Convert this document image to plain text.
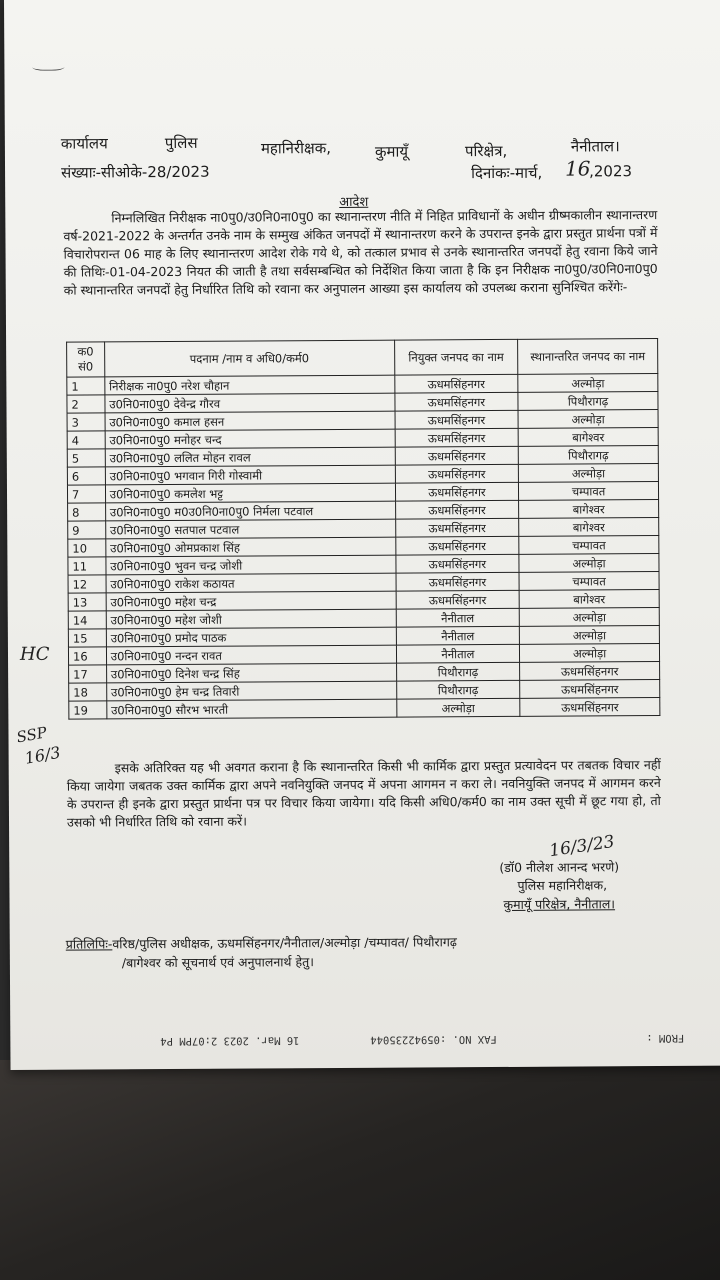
कार्यालय	पुलिस	महानिरीक्षक,	कुमायूँ	परिक्षेत्र,	नैनीताल।
संख्याः-सीओके-28/2023	दिनांकः-मार्च, 16
,2023
आदेश
निम्नलिखित निरीक्षक ना0पु0/उ0नि0ना0पु0 का स्थानान्तरण नीति में निहित प्राविधानों के अधीन ग्रीष्मकालीन स्थानान्तरण वर्ष-2021-2022 के अन्तर्गत उनके नाम के सम्मुख अंकित जनपदों में स्थानान्तरण करने के उपरान्त इनके द्वारा प्रस्तुत प्रार्थना पत्रों में विचारोपरान्त 06 माह के लिए स्थानान्तरण आदेश रोके गये थे, को तत्काल प्रभाव से उनके स्थानान्तरित जनपदों हेतु रवाना किये जाने की तिथिः-01-04-2023 नियत की जाती है तथा सर्वसम्बन्धित को निर्देशित किया जाता है कि इन निरीक्षक ना0पु0/उ0नि0ना0पु0 को स्थानान्तरित जनपदों हेतु निर्धारित तिथि को रवाना कर अनुपालन आख्या इस कार्यालय को उपलब्ध कराना सुनिश्चित करेंगेः-
क0 सं0	पदनाम /नाम व अधि0/कर्म0	नियुक्त जनपद का नाम	स्थानान्तरित जनपद का नाम
1	निरीक्षक ना0पु0 नरेश चौहान	ऊधमसिंहनगर	अल्मोड़ा
2	उ0नि0ना0पु0 देवेन्द्र गौरव	ऊधमसिंहनगर	पिथौरागढ़
3	उ0नि0ना0पु0 कमाल हसन	ऊधमसिंहनगर	अल्मोड़ा
4	उ0नि0ना0पु0 मनोहर चन्द	ऊधमसिंहनगर	बागेश्वर
5	उ0नि0ना0पु0 ललित मोहन रावल	ऊधमसिंहनगर	पिथौरागढ़
6	उ0नि0ना0पु0 भगवान गिरी गोस्वामी	ऊधमसिंहनगर	अल्मोड़ा
7	उ0नि0ना0पु0 कमलेश भट्ट	ऊधमसिंहनगर	चम्पावत
8	उ0नि0ना0पु0 म0उ0नि0ना0पु0 निर्मला पटवाल	ऊधमसिंहनगर	बागेश्वर
9	उ0नि0ना0पु0 सतपाल पटवाल	ऊधमसिंहनगर	बागेश्वर
10	उ0नि0ना0पु0 ओमप्रकाश सिंह	ऊधमसिंहनगर	चम्पावत
11	उ0नि0ना0पु0 भुवन चन्द्र जोशी	ऊधमसिंहनगर	अल्मोड़ा
12	उ0नि0ना0पु0 राकेश कठायत	ऊधमसिंहनगर	चम्पावत
13	उ0नि0ना0पु0 महेश चन्द्र	ऊधमसिंहनगर	बागेश्वर
14	उ0नि0ना0पु0 महेश जोशी	नैनीताल	अल्मोड़ा
15	उ0नि0ना0पु0 प्रमोद पाठक	नैनीताल	अल्मोड़ा
16	उ0नि0ना0पु0 नन्दन रावत	नैनीताल	अल्मोड़ा
17	उ0नि0ना0पु0 दिनेश चन्द्र सिंह	पिथौरागढ़	ऊधमसिंहनगर
18	उ0नि0ना0पु0 हेम चन्द्र तिवारी	पिथौरागढ़	ऊधमसिंहनगर
19	उ0नि0ना0पु0 सौरभ भारती	अल्मोड़ा	ऊधमसिंहनगर
इसके अतिरिक्त यह भी अवगत कराना है कि स्थानान्तरित किसी भी कार्मिक द्वारा प्रस्तुत प्रत्यावेदन पर तबतक विचार नहीं किया जायेगा जबतक उक्त कार्मिक द्वारा अपने नवनियुक्ति जनपद में अपना आगमन न करा ले। नवनियुक्ति जनपद में आगमन करने के उपरान्त ही इनके द्वारा प्रस्तुत प्रार्थना पत्र पर विचार किया जायेगा। यदि किसी अधि0/कर्म0 का नाम उक्त सूची में छूट गया हो, तो उसको भी निर्धारित तिथि को रवाना करें।
16/3/23
(डॉ0 नीलेश आनन्द भरणे)
पुलिस महानिरीक्षक,
कुमायूँ परिक्षेत्र, नैनीताल।
प्रतिलिपिः-वरिष्ठ/पुलिस अधीक्षक, ऊधमसिंहनगर/नैनीताल/अल्मोड़ा /चम्पावत/ पिथौरागढ़
/बागेश्वर को सूचनार्थ एवं अनुपालनार्थ हेतु।
HC
SSP
16/3
16 Mar. 2023 2:07PM P4	FAX NO. :05942235044	FROM :
